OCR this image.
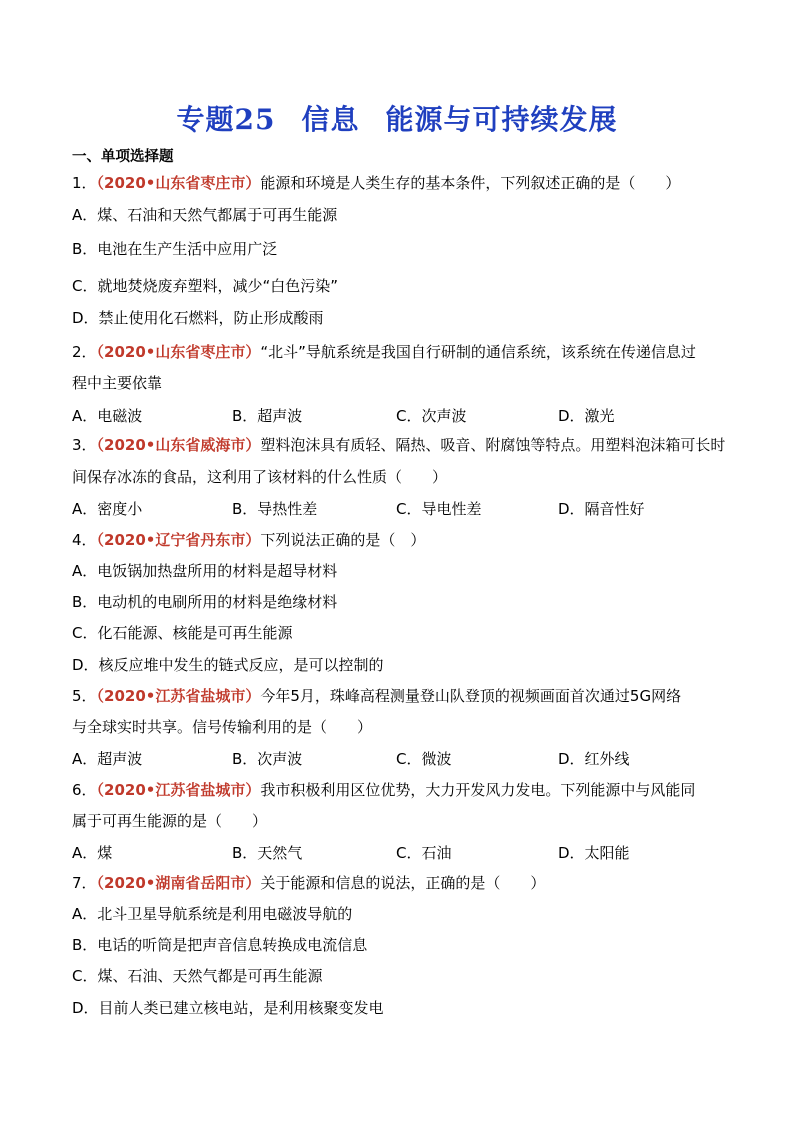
专题25 信息 能源与可持续发展
一、单项选择题
1．（2020•山东省枣庄市）能源和环境是人类生存的基本条件，下列叙述正确的是（　　）
A．煤、石油和天然气都属于可再生能源
B．电池在生产生活中应用广泛
C．就地焚烧废弃塑料，减少“白色污染”
D．禁止使用化石燃料，防止形成酸雨
2．（2020•山东省枣庄市）“北斗”导航系统是我国自行研制的通信系统，该系统在传递信息过
程中主要依靠
A．电磁波	B．超声波	C．次声波	D．激光
3．（2020•山东省威海市）塑料泡沫具有质轻、隔热、吸音、附腐蚀等特点。用塑料泡沫箱可长时
间保存冰冻的食品，这利用了该材料的什么性质（　　）
A．密度小	B．导热性差	C．导电性差	D．隔音性好
4．（2020•辽宁省丹东市）下列说法正确的是（　）
A．电饭锅加热盘所用的材料是超导材料
B．电动机的电刷所用的材料是绝缘材料
C．化石能源、核能是可再生能源
D．核反应堆中发生的链式反应，是可以控制的
5．（2020•江苏省盐城市）今年5月，珠峰高程测量登山队登顶的视频画面首次通过5G网络
与全球实时共享。信号传输利用的是（　　）
A．超声波	B．次声波	C．微波	D．红外线
6．（2020•江苏省盐城市）我市积极利用区位优势，大力开发风力发电。下列能源中与风能同
属于可再生能源的是（　　）
A．煤	B．天然气	C．石油	D．太阳能
7．（2020•湖南省岳阳市）关于能源和信息的说法，正确的是（　　）
A．北斗卫星导航系统是利用电磁波导航的
B．电话的听筒是把声音信息转换成电流信息
C．煤、石油、天然气都是可再生能源
D．目前人类已建立核电站，是利用核聚变发电
